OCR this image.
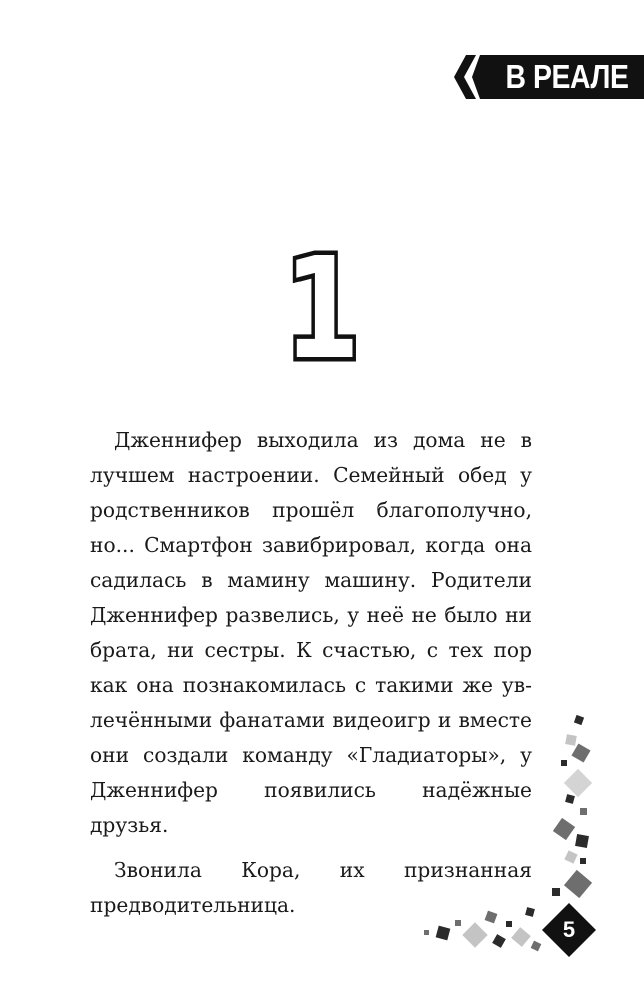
В РЕАЛЕ
1

Дженнифер выходила из дома не в лучшем настроении. Семейный обед у родственников прошёл благополучно, но... Смартфон завибрировал, когда она садилась в мамину машину. Родители Дженнифер развелись, у неё не было ни брата, ни сестры. К счастью, с тех пор как она познакомилась с такими же увлечёнными фанатами видеоигр и вместе они создали команду «Гладиаторы», у Дженнифер появились надёжные друзья.

Звонила Кора, их признанная предводительница.

5
